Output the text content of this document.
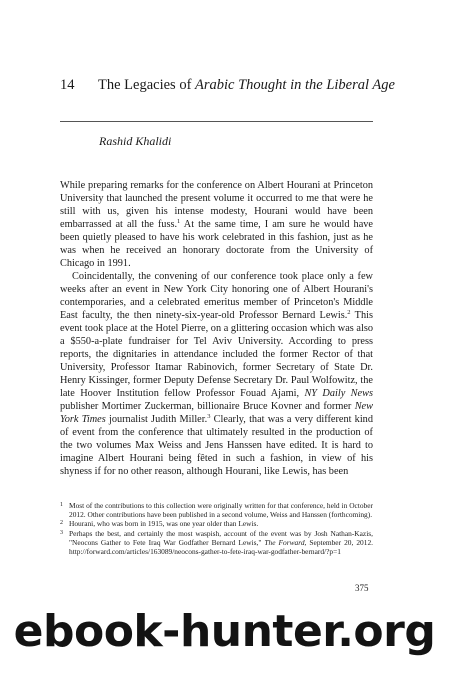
14 The Legacies of Arabic Thought in the Liberal Age
Rashid Khalidi

While preparing remarks for the conference on Albert Hourani at Princeton University that launched the present volume it occurred to me that were he still with us, given his intense modesty, Hourani would have been embarrassed at all the fuss.$^1$ At the same time, I am sure he would have been quietly pleased to have his work celebrated in this fashion, just as he was when he received an honorary doctorate from the University of Chicago in 1991.

Coincidentally, the convening of our conference took place only a few weeks after an event in New York City honoring one of Albert Hourani's contemporaries, and a celebrated emeritus member of Princeton's Middle East faculty, the then ninety-six-year-old Professor Bernard Lewis.$^2$ This event took place at the Hotel Pierre, on a glittering occasion which was also a $550-a-plate fundraiser for Tel Aviv University. According to press reports, the dignitaries in attendance included the former Rector of that University, Professor Itamar Rabinovich, former Secretary of State Dr. Henry Kissinger, former Deputy Defense Secretary Dr. Paul Wolfowitz, the late Hoover Institution fellow Professor Fouad Ajami, NY Daily News publisher Mortimer Zuckerman, billionaire Bruce Kovner and former New York Times journalist Judith Miller.$^3$ Clearly, that was a very different kind of event from the conference that ultimately resulted in the production of the two volumes Max Weiss and Jens Hanssen have edited. It is hard to imagine Albert Hourani being fêted in such a fashion, in view of his shyness if for no other reason, although Hourani, like Lewis, has been

1 Most of the contributions to this collection were originally written for that conference, held in October 2012. Other contributions have been published in a second volume, Weiss and Hanssen (forthcoming).

2 Hourani, who was born in 1915, was one year older than Lewis.

3 Perhaps the best, and certainly the most waspish, account of the event was by Josh Nathan-Kazis, "Neocons Gather to Fete Iraq War Godfather Bernard Lewis," The Forward, September 20, 2012. http://forward.com/articles/163089/neocons-gather-to-fete-iraq-war-godfather-bernard/?p=1

375
ebook-hunter.org
